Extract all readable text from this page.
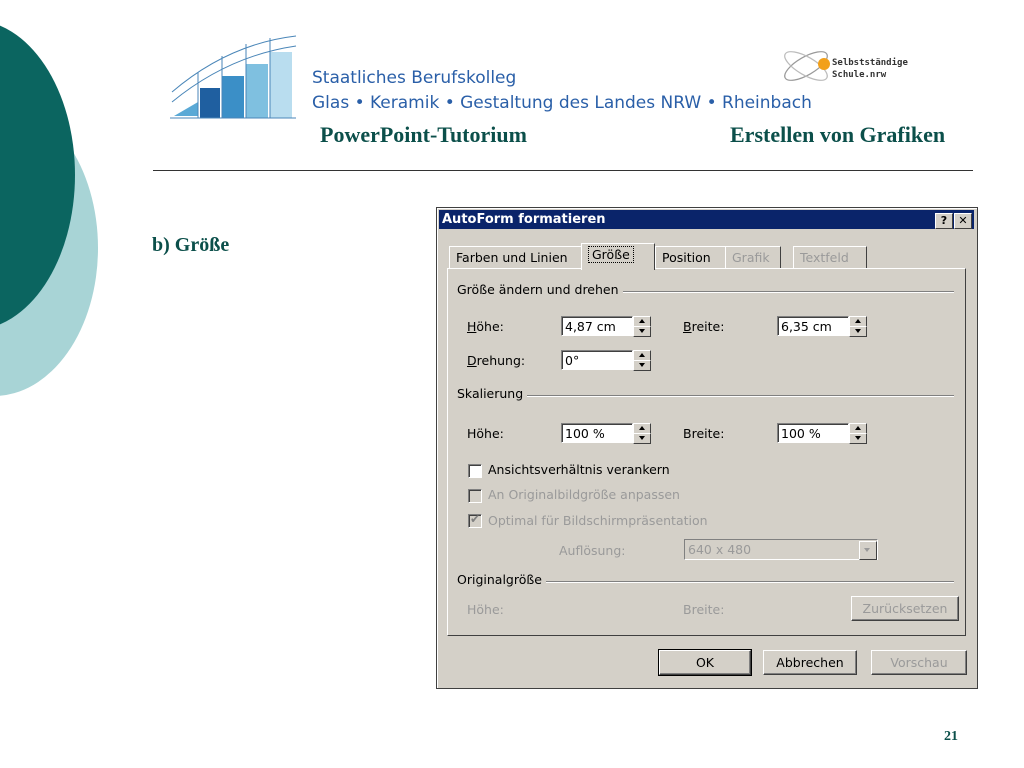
Staatliches Berufskolleg
Glas • Keramik • Gestaltung des Landes NRW • Rheinbach
Selbstständige
Schule.nrw
PowerPoint-Tutorium	Erstellen von Grafiken
b) Größe
AutoForm formatieren	?	✕
Farben und Linien	Größe	Position	Grafik	Textfeld
Größe ändern und drehen
Höhe:	4,87 cm	Breite:	6,35 cm
Drehung:	0°
Skalierung
Höhe:	100 %	Breite:	100 %
Ansichtsverhältnis verankern
An Originalbildgröße anpassen
✔ Optimal für Bildschirmpräsentation
Auflösung:	640 x 480
Originalgröße
Höhe:	Breite:	Zurücksetzen
OK	Abbrechen	Vorschau
21
